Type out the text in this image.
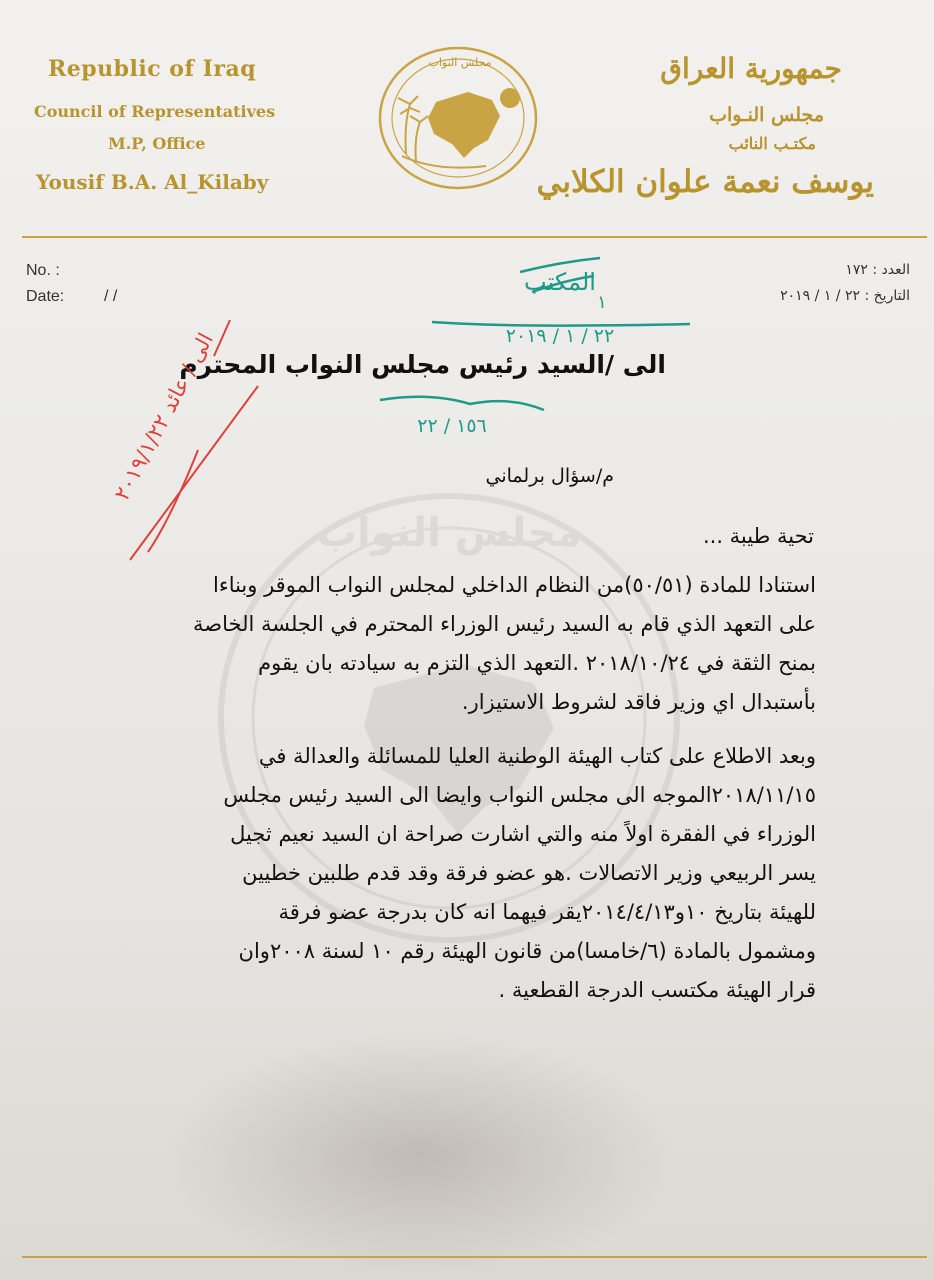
Republic of Iraq
Council of Representatives
M.P, Office
Yousif B.A. Al_Kilaby
مجلس النواب	جمهورية العراق
مجلس النـواب
مكتـب النائب
يوسف نعمة علوان الكلابي
No. :
Date: / /
العدد : ١٧٢
التاريخ : ٢٢ / ١ / ٢٠١٩
مجلس النواب
الى /السيد رئيس مجلس النواب المحترم
م/سؤال برلماني
تحية طيبة ...

استنادا للمادة (٥٠/٥١)من النظام الداخلي لمجلس النواب الموقر وبناءا

على التعهد الذي قام به السيد رئيس الوزراء المحترم في الجلسة الخاصة

بمنح الثقة في ٢٠١٨/١٠/٢٤ .التعهد الذي التزم به سيادته بان يقوم

بأستبدال اي وزير فاقد لشروط الاستيزار.

وبعد الاطلاع على كتاب الهيئة الوطنية العليا للمسائلة والعدالة في

٢٠١٨/١١/١٥الموجه الى مجلس النواب وايضا الى السيد رئيس مجلس

الوزراء في الفقرة اولاً منه والتي اشارت صراحة ان السيد نعيم ثجيل

يسر الربيعي وزير الاتصالات .هو عضو فرقة وقد قدم طلبين خطيين

للهيئة بتاريخ ١٠و٢٠١٤/٤/١٣يقر فيهما انه كان بدرجة عضو فرقة

ومشمول بالمادة (٦/خامسا)من قانون الهيئة رقم ١٠ لسنة ٢٠٠٨وان

قرار الهيئة مكتسب الدرجة القطعية .

المكتب
١
٢٢ / ١ / ٢٠١٩
١٥٦ / ٢٢
الى / عائد ٢٠١٩/١/٢٢
